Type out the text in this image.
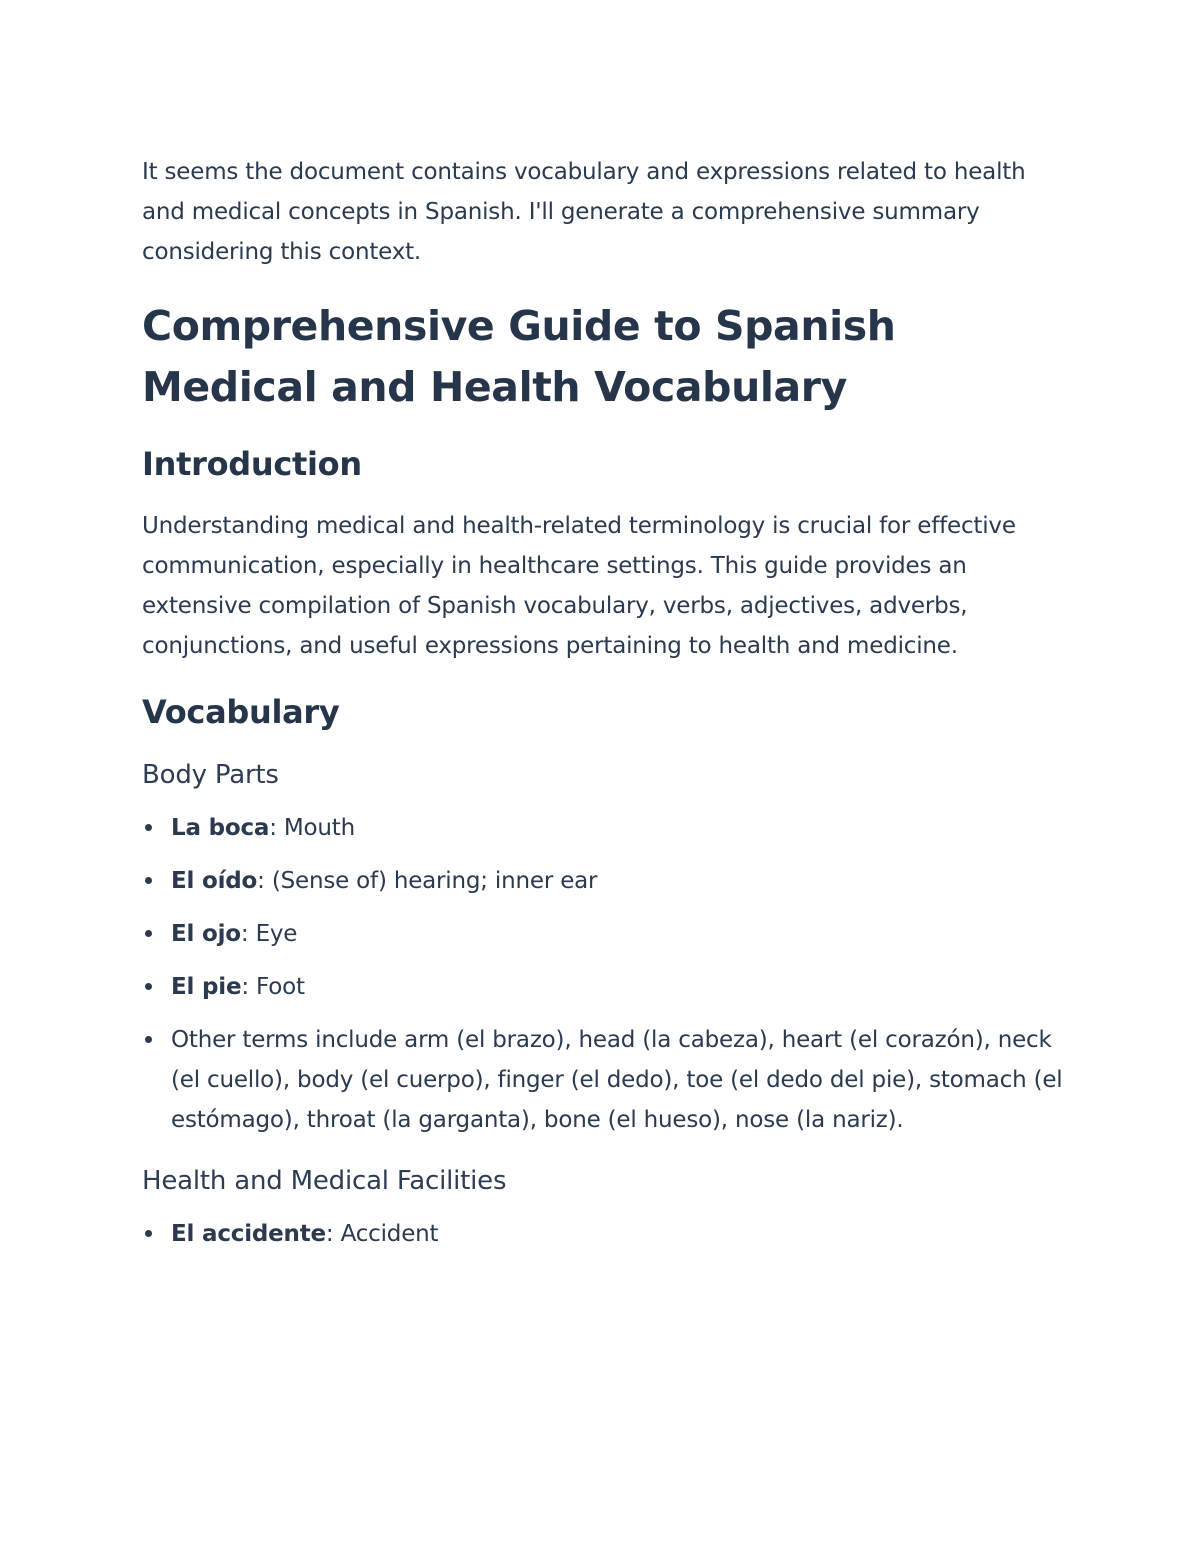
It seems the document contains vocabulary and expressions related to health and medical concepts in Spanish. I'll generate a comprehensive summary considering this context.

Comprehensive Guide to Spanish Medical and Health Vocabulary
Introduction

Understanding medical and health-related terminology is crucial for effective communication, especially in healthcare settings. This guide provides an extensive compilation of Spanish vocabulary, verbs, adjectives, adverbs, conjunctions, and useful expressions pertaining to health and medicine.

Vocabulary
Body Parts
La boca: Mouth
El oído: (Sense of) hearing; inner ear
El ojo: Eye
El pie: Foot
Other terms include arm (el brazo), head (la cabeza), heart (el corazón), neck (el cuello), body (el cuerpo), finger (el dedo), toe (el dedo del pie), stomach (el estómago), throat (la garganta), bone (el hueso), nose (la nariz).
Health and Medical Facilities
El accidente: Accident
